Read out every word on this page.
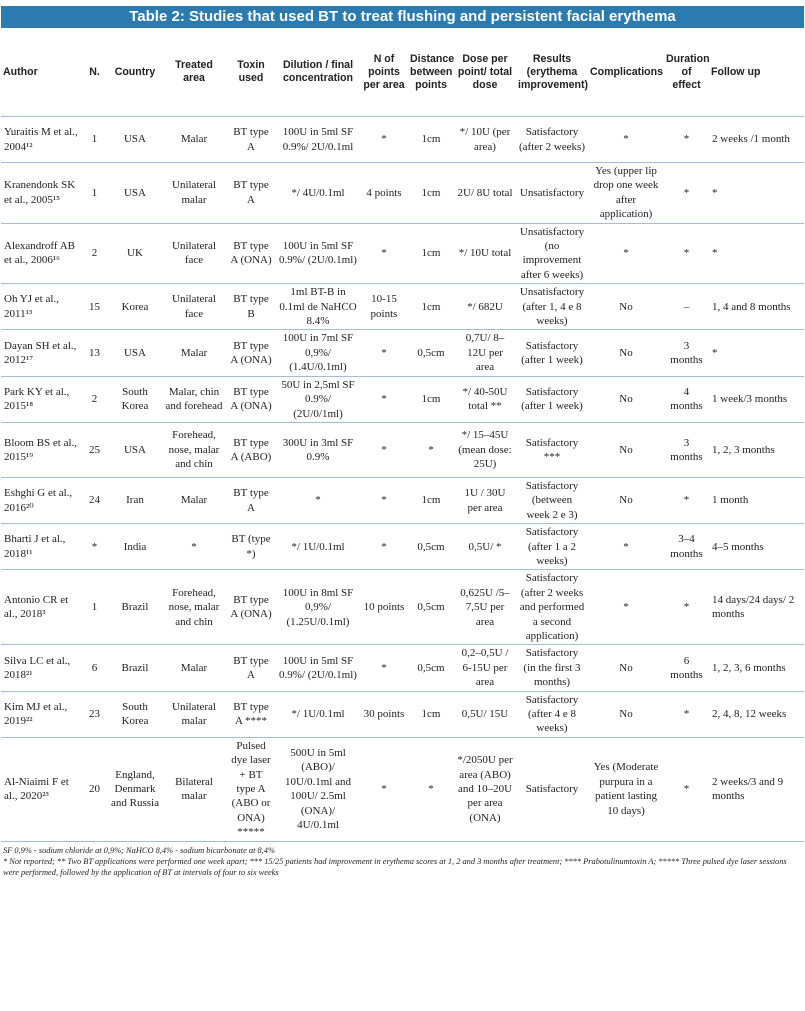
Table 2: Studies that used BT to treat flushing and persistent facial erythema
Author	N.	Country	Treated area	Toxin used	Dilution / final concentration	N of points per area	Distance between points	Dose per point/ total dose	Results (erythema improvement)	Complications	Duration of effect	Follow up
Yuraitis M et al., 2004¹²	1	USA	Malar	BT type A	100U in 5ml SF 0.9%/ 2U/0.1ml	*	1cm	*/ 10U (per area)	Satisfactory (after 2 weeks)	*	*	2 weeks /1 month
Kranendonk SK et al., 2005¹⁵	1	USA	Unilateral malar	BT type A	*/ 4U/0.1ml	4 points	1cm	2U/ 8U total	Unsatisfactory	Yes (upper lip drop one week after application)	*	*
Alexandroff AB et al., 2006¹⁶	2	UK	Unilateral face	BT type A (ONA)	100U in 5ml SF 0.9%/ (2U/0.1ml)	*	1cm	*/ 10U total	Unsatisfactory (no improvement after 6 weeks)	*	*	*
Oh YJ et al., 2011¹³	15	Korea	Unilateral face	BT type B	1ml BT-B in 0.1ml de NaHCO 8.4%	10-15 points	1cm	*/ 682U	Unsatisfactory (after 1, 4 e 8 weeks)	No	–	1, 4 and 8 months
Dayan SH et al., 2012¹⁷	13	USA	Malar	BT type A (ONA)	100U in 7ml SF 0,9%/ (1.4U/0.1ml)	*	0,5cm	0,7U/ 8–12U per area	Satisfactory (after 1 week)	No	3 months	*
Park KY et al., 2015¹⁸	2	South Korea	Malar, chin and forehead	BT type A (ONA)	50U in 2,5ml SF 0.9%/ (2U/0/1ml)	*	1cm	*/ 40-50U total **	Satisfactory (after 1 week)	No	4 months	1 week/3 months
Bloom BS et al., 2015¹⁹	25	USA	Forehead, nose, malar and chin	BT type A (ABO)	300U in 3ml SF 0.9%	*	*	*/ 15–45U (mean dose: 25U)	Satisfactory ***	No	3 months	1, 2, 3 months
Eshghi G et al., 2016²⁰	24	Iran	Malar	BT type A	*	*	1cm	1U / 30U per area	Satisfactory (between week 2 e 3)	No	*	1 month
Bharti J et al., 2018¹¹	*	India	*	BT (type *)	*/ 1U/0.1ml	*	0,5cm	0,5U/ *	Satisfactory (after 1 a 2 weeks)	*	3–4 months	4–5 months
Antonio CR et al., 2018³	1	Brazil	Forehead, nose, malar and chin	BT type A (ONA)	100U in 8ml SF 0,9%/ (1.25U/0.1ml)	10 points	0,5cm	0,625U /5–7,5U per area	Satisfactory (after 2 weeks and performed a second application)	*	*	14 days/24 days/ 2 months
Silva LC et al., 2018²¹	6	Brazil	Malar	BT type A	100U in 5ml SF 0.9%/ (2U/0.1ml)	*	0,5cm	0,2–0,5U / 6-15U per area	Satisfactory (in the first 3 months)	No	6 months	1, 2, 3, 6 months
Kim MJ et al., 2019²²	23	South Korea	Unilateral malar	BT type A ****	*/ 1U/0.1ml	30 points	1cm	0,5U/ 15U	Satisfactory (after 4 e 8 weeks)	No	*	2, 4, 8, 12 weeks
Al-Niaimi F et al., 2020²³	20	England, Denmark and Russia	Bilateral malar	Pulsed dye laser + BT type A (ABO or ONA) *****	500U in 5ml (ABO)/ 10U/0.1ml and 100U/ 2.5ml (ONA)/ 4U/0.1ml	*	*	*/2050U per area (ABO) and 10–20U per area (ONA)	Satisfactory	Yes (Moderate purpura in a patient lasting 10 days)	*	2 weeks/3 and 9 months

SF 0,9% - sodium chloride at 0,9%; NaHCO 8,4% - sodium bicarbonate at 8,4%

* Not reported; ** Two BT applications were performed one week apart; *** 15/25 patients had improvement in erythema scores at 1, 2 and 3 months after treatment; **** Prabotulinumtoxin A; ***** Three pulsed dye laser sessions were performed, followed by the application of BT at intervals of four to six weeks
